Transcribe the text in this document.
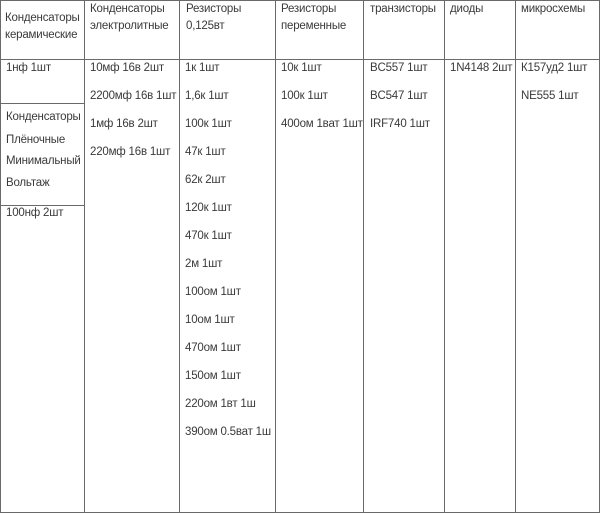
Конденсаторы керамические
Конденсаторы электролитные
Резисторы 0,125вт
Резисторы переменные
транзисторы	диоды	микросхемы
1нф 1шт
Конденсаторы
Плёночные
Минимальный
Вольтаж
100нф 2шт
10мф 16в 2шт
2200мф 16в 1шт
1мф 16в 2шт
220мф 16в 1шт
1к 1шт
1,6к 1шт
100к 1шт
47к 1шт
62к 2шт
120к 1шт
470к 1шт
2м 1шт
100ом 1шт
10ом 1шт
470ом 1шт
150ом 1шт
220ом 1вт 1ш
390ом 0.5ват 1ш
10к 1шт
100к 1шт
400ом 1ват 1шт
BC557 1шт
BC547 1шт
IRF740 1шт
1N4148 2шт К157уд2 1шт
NE555 1шт
